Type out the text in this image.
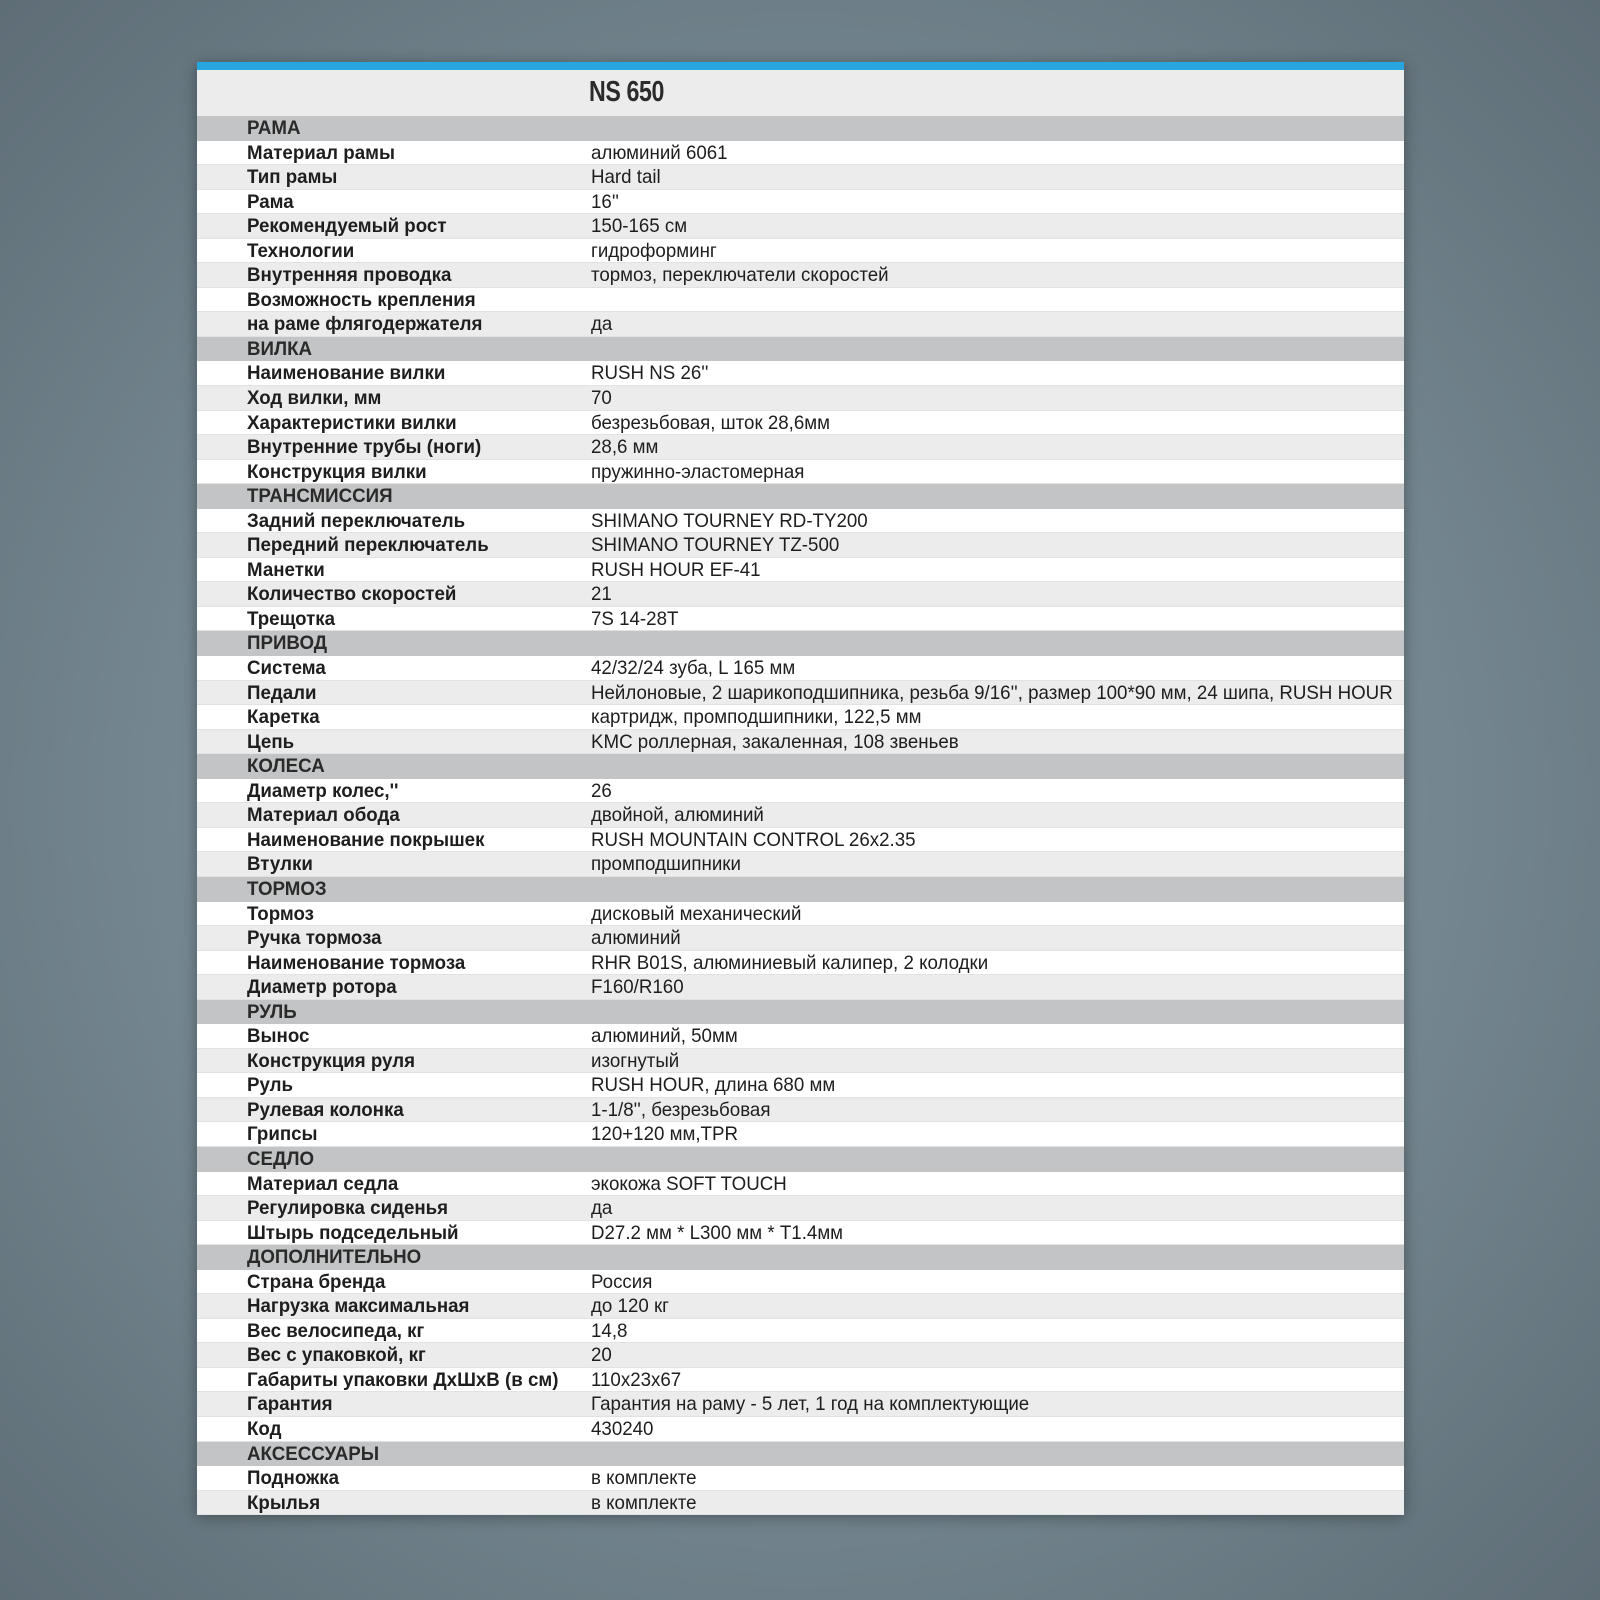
NS 650
РАМА
Материал рамы	алюминий 6061
Тип рамы	Hard tail
Рама	16''
Рекомендуемый рост	150-165 см
Технологии	гидроформинг
Внутренняя проводка	тормоз, переключатели скоростей
Возможность крепления
на раме флягодержателя	да
ВИЛКА
Наименование вилки	RUSH NS 26''
Ход вилки, мм	70
Характеристики вилки	безрезьбовая, шток 28,6мм
Внутренние трубы (ноги)	28,6 мм
Конструкция вилки	пружинно-эластомерная
ТРАНСМИССИЯ
Задний переключатель	SHIMANO TOURNEY RD-TY200
Передний переключатель	SHIMANO TOURNEY TZ-500
Манетки	RUSH HOUR EF-41
Количество скоростей	21
Трещотка	7S 14-28T
ПРИВОД
Система	42/32/24 зуба, L 165 мм
Педали	Нейлоновые, 2 шарикоподшипника, резьба 9/16'', размер 100*90 мм, 24 шипа, RUSH HOUR
Каретка	картридж, промподшипники, 122,5 мм
Цепь	KMC роллерная, закаленная, 108 звеньев
КОЛЕСА
Диаметр колес,''	26
Материал обода	двойной, алюминий
Наименование покрышек	RUSH MOUNTAIN CONTROL 26x2.35
Втулки	промподшипники
ТОРМОЗ
Тормоз	дисковый механический
Ручка тормоза	алюминий
Наименование тормоза	RHR B01S, алюминиевый калипер, 2 колодки
Диаметр ротора	F160/R160
РУЛЬ
Вынос	алюминий, 50мм
Конструкция руля	изогнутый
Руль	RUSH HOUR, длина 680 мм
Рулевая колонка	1-1/8'', безрезьбовая
Грипсы	120+120 мм,TPR
СЕДЛО
Материал седла	экокожа SOFT TOUCH
Регулировка сиденья	да
Штырь подседельный	D27.2 мм * L300 мм * T1.4мм
ДОПОЛНИТЕЛЬНО
Страна бренда	Россия
Нагрузка максимальная	до 120 кг
Вес велосипеда, кг	14,8
Вес с упаковкой, кг	20
Габариты упаковки ДхШхВ (в см) 110x23x67
Гарантия	Гарантия на раму - 5 лет, 1 год на комплектующие
Код	430240
АКСЕССУАРЫ
Подножка	в комплекте
Крылья	в комплекте
